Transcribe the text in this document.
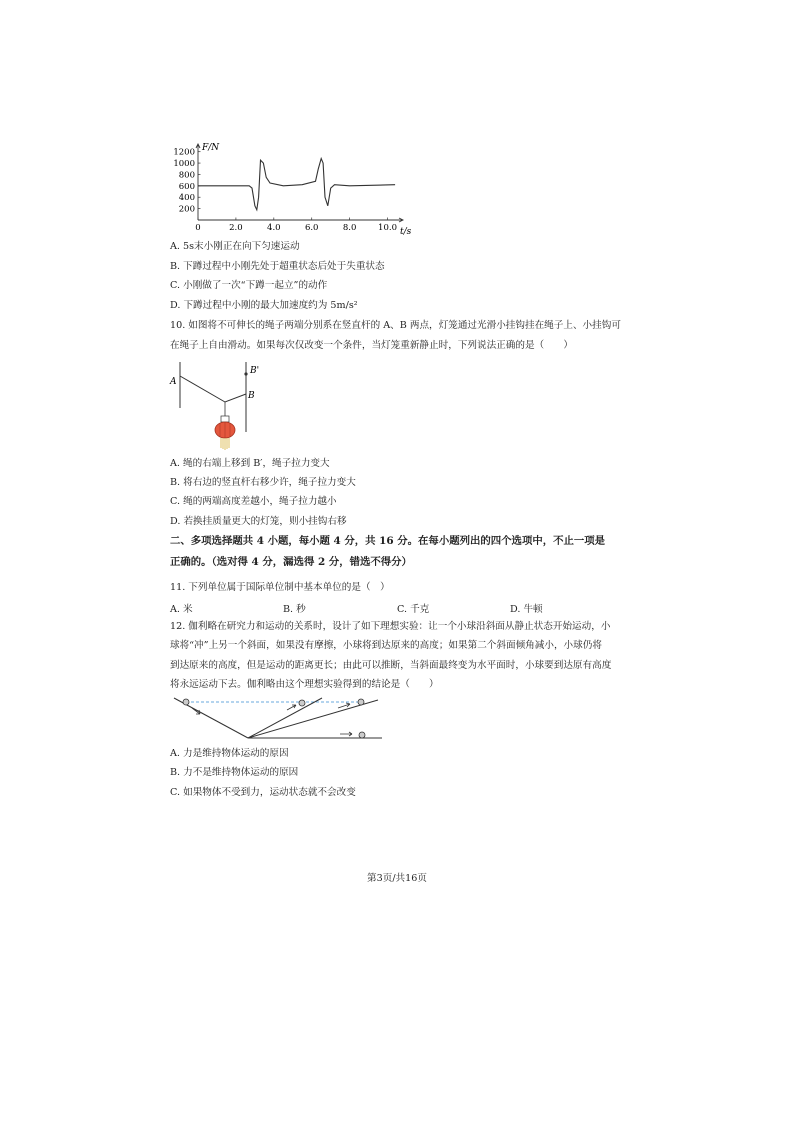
0	2.0	4.0	6.0	8.0	10.0
1200
1000
800
600
400
200
F/N
t/s
A. 5s末小刚正在向下匀速运动
B. 下蹲过程中小刚先处于超重状态后处于失重状态
C. 小刚做了一次“下蹲一起立”的动作
D. 下蹲过程中小刚的最大加速度约为 5m/s²
10. 如图将不可伸长的绳子两端分别系在竖直杆的 A、B 两点，灯笼通过光滑小挂钩挂在绳子上、小挂钩可
在绳子上自由滑动。如果每次仅改变一个条件，当灯笼重新静止时，下列说法正确的是（　　）
A
B'
B
A. 绳的右端上移到 B′，绳子拉力变大
B. 将右边的竖直杆右移少许，绳子拉力变大
C. 绳的两端高度差越小，绳子拉力越小
D. 若换挂质量更大的灯笼，则小挂钩右移
二、多项选择题共 4 小题，每小题 4 分，共 16 分。在每小题列出的四个选项中，不止一项是
正确的。（选对得 4 分，漏选得 2 分，错选不得分）
11. 下列单位属于国际单位制中基本单位的是（　）
A. 米	B. 秒	C. 千克	D. 牛顿
12. 伽利略在研究力和运动的关系时，设计了如下理想实验：让一个小球沿斜面从静止状态开始运动，小
球将“冲”上另一个斜面，如果没有摩擦，小球将到达原来的高度；如果第二个斜面倾角减小，小球仍将
到达原来的高度，但是运动的距离更长；由此可以推断，当斜面最终变为水平面时，小球要到达原有高度
将永远运动下去。伽利略由这个理想实验得到的结论是（　　）
A. 力是维持物体运动的原因
B. 力不是维持物体运动的原因
C. 如果物体不受到力，运动状态就不会改变
第3页/共16页
